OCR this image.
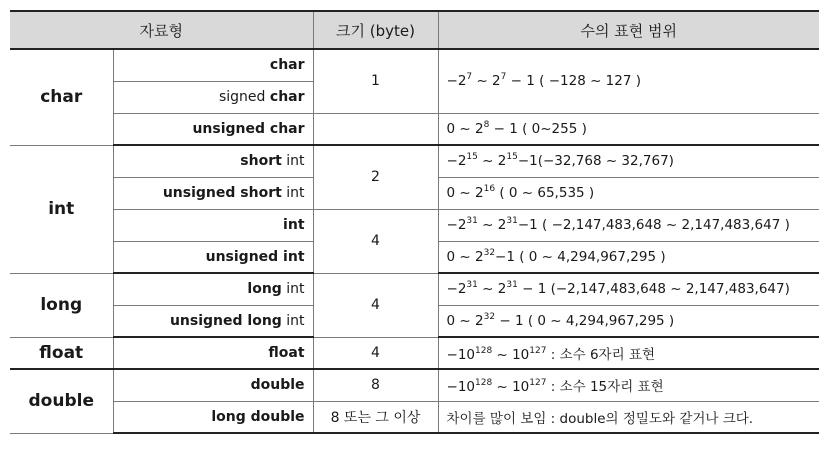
자료형		크기 (byte)	수의 표현 범위
char	char	1	$-2^7$ ~ $2^7 - 1$ ( −128 ~ 127 )
	signed char		
	unsigned char		0 ~ $2^8 - 1$ ( 0~255 )
int	short int	2	$-2^{15}$ ~ $2^{15}-1(-32,768$ ~ 32,767)
	unsigned short int		0 ~ $2^{16}$ ( 0 ~ 65,535 )
	int	4	$-2^{31}$ ~ $2^{31}-1$ ( −2,147,483,648 ~ 2,147,483,647 )
	unsigned int		0 ~ $2^{32}-1$ ( 0 ~ 4,294,967,295 )
long	long int	4	$-2^{31}$ ~ $2^{31} - 1$ (−2,147,483,648 ~ 2,147,483,647)
	unsigned long int		0 ~ $2^{32} - 1$ ( 0 ~ 4,294,967,295 )
float	float	4	$-10^{128}$ ~ $10^{127}$ : 소수 6자리 표현
double	double	8	$-10^{128}$ ~ $10^{127}$ : 소수 15자리 표현
	long double	8 또는 그 이상	차이를 많이 보임 : double의 정밀도와 같거나 크다.
